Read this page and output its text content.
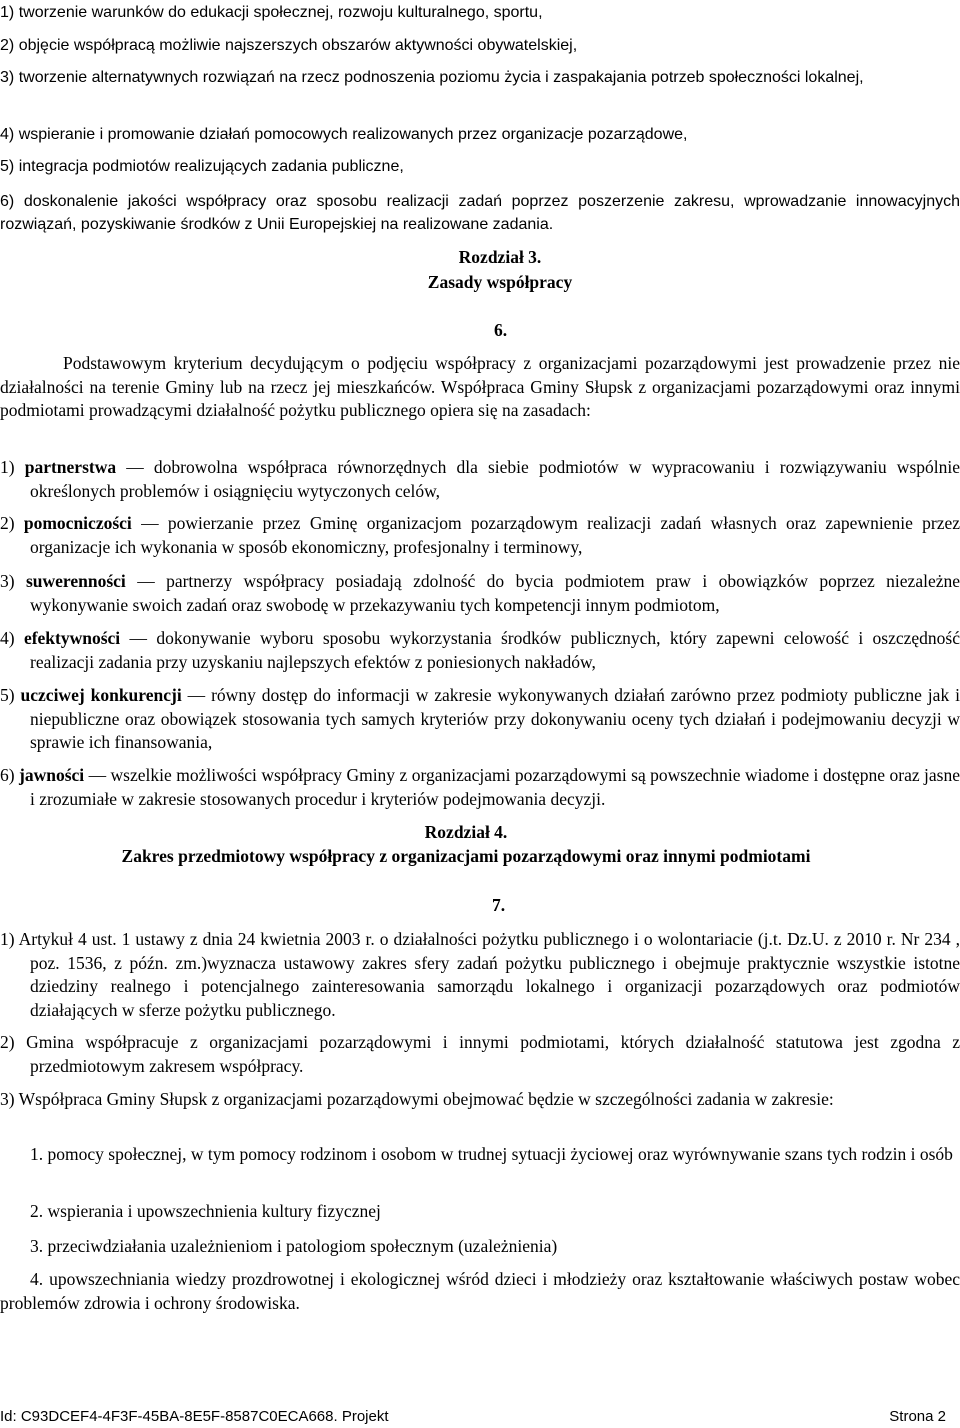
1) tworzenie warunków do edukacji społecznej, rozwoju kulturalnego, sportu,

2) objęcie współpracą możliwie najszerszych obszarów aktywności obywatelskiej,

3) tworzenie alternatywnych rozwiązań na rzecz podnoszenia poziomu życia i zaspakajania potrzeb społeczności lokalnej,

4) wspieranie i promowanie działań pomocowych realizowanych przez organizacje pozarządowe,

5) integracja podmiotów realizujących zadania publiczne,

6) doskonalenie jakości współpracy oraz sposobu realizacji zadań poprzez poszerzenie zakresu, wprowadzanie innowacyjnych rozwiązań, pozyskiwanie środków z Unii Europejskiej na realizowane zadania.

Rozdział 3.
Zasady współpracy
6.

Podstawowym kryterium decydującym o podjęciu współpracy z organizacjami pozarządowymi jest prowadzenie przez nie działalności na terenie Gminy lub na rzecz jej mieszkańców. Współpraca Gminy Słupsk z organizacjami pozarządowymi oraz innymi podmiotami prowadzącymi działalność pożytku publicznego opiera się na zasadach:

1) partnerstwa — dobrowolna współpraca równorzędnych dla siebie podmiotów w wypracowaniu i rozwiązywaniu wspólnie określonych problemów i osiągnięciu wytyczonych celów,

2) pomocniczości — powierzanie przez Gminę organizacjom pozarządowym realizacji zadań własnych oraz zapewnienie przez organizacje ich wykonania w sposób ekonomiczny, profesjonalny i terminowy,

3) suwerenności — partnerzy współpracy posiadają zdolność do bycia podmiotem praw i obowiązków poprzez niezależne wykonywanie swoich zadań oraz swobodę w przekazywaniu tych kompetencji innym podmiotom,

4) efektywności — dokonywanie wyboru sposobu wykorzystania środków publicznych, który zapewni celowość i oszczędność realizacji zadania przy uzyskaniu najlepszych efektów z poniesionych nakładów,

5) uczciwej konkurencji — równy dostęp do informacji w zakresie wykonywanych działań zarówno przez podmioty publiczne jak i niepubliczne oraz obowiązek stosowania tych samych kryteriów przy dokonywaniu oceny tych działań i podejmowaniu decyzji w sprawie ich finansowania,

6) jawności — wszelkie możliwości współpracy Gminy z organizacjami pozarządowymi są powszechnie wiadome i dostępne oraz jasne i zrozumiałe w zakresie stosowanych procedur i kryteriów podejmowania decyzji.

Rozdział 4.
Zakres przedmiotowy współpracy z organizacjami pozarządowymi oraz innymi podmiotami
7.

1) Artykuł 4 ust. 1 ustawy z dnia 24 kwietnia 2003 r. o działalności pożytku publicznego i o wolontariacie (j.t. Dz.U. z 2010 r. Nr 234 , poz. 1536, z późn. zm.)wyznacza ustawowy zakres sfery zadań pożytku publicznego i obejmuje praktycznie wszystkie istotne dziedziny realnego i potencjalnego zainteresowania samorządu lokalnego i organizacji pozarządowych oraz podmiotów działających w sferze pożytku publicznego.

2) Gmina współpracuje z organizacjami pozarządowymi i innymi podmiotami, których działalność statutowa jest zgodna z przedmiotowym zakresem współpracy.

3) Współpraca Gminy Słupsk z organizacjami pozarządowymi obejmować będzie w szczególności zadania w zakresie:

1. pomocy społecznej, w tym pomocy rodzinom i osobom w trudnej sytuacji życiowej oraz wyrównywanie szans tych rodzin i osób

2. wspierania i upowszechnienia kultury fizycznej

3. przeciwdziałania uzależnieniom i patologiom społecznym (uzależnienia)

4. upowszechniania wiedzy prozdrowotnej i ekologicznej wśród dzieci i młodzieży oraz kształtowanie właściwych postaw wobec problemów zdrowia i ochrony środowiska.

Id: C93DCEF4-4F3F-45BA-8E5F-8587C0ECA668. Projekt	Strona 2
